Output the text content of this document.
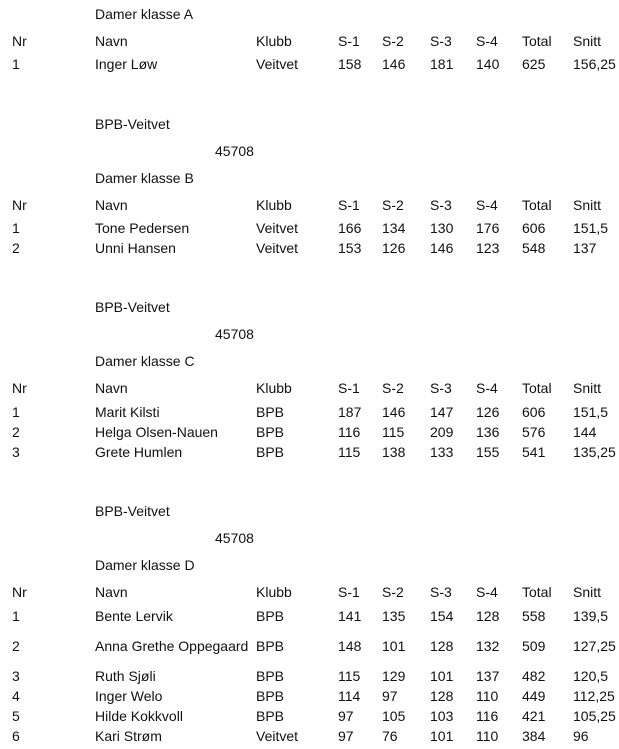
Damer klasse A
Nr	Navn	Klubb	S-1 S-2 S-3 S-4 Total Snitt
1	Inger Løw	Veitvet	158 146 181 140 625 156,25
BPB-Veitvet
45708
Damer klasse B
Nr	Navn	Klubb	S-1 S-2 S-3 S-4 Total Snitt
1	Tone Pedersen	Veitvet	166 134 130 176 606 151,5
2	Unni Hansen	Veitvet	153 126 146 123 548 137
BPB-Veitvet
45708
Damer klasse C
Nr	Navn	Klubb	S-1 S-2 S-3 S-4 Total Snitt
1	Marit Kilsti	BPB	187 146 147 126 606 151,5
2	Helga Olsen-Nauen	BPB	116 115 209 136 576 144
3	Grete Humlen	BPB	115 138 133 155 541 135,25
BPB-Veitvet
45708
Damer klasse D
Nr	Navn	Klubb	S-1 S-2 S-3 S-4 Total Snitt
1	Bente Lervik	BPB	141 135 154 128 558 139,5
2	Anna Grethe Oppegaard BPB	148 101 128 132 509 127,25
3	Ruth Sjøli	BPB	115 129 101 137 482 120,5
4	Inger Welo	BPB	114 97 128 110 449 112,25
5	Hilde Kokkvoll	BPB	97 105 103 116 421 105,25
6	Kari Strøm	Veitvet	97 76 101 110 384 96
